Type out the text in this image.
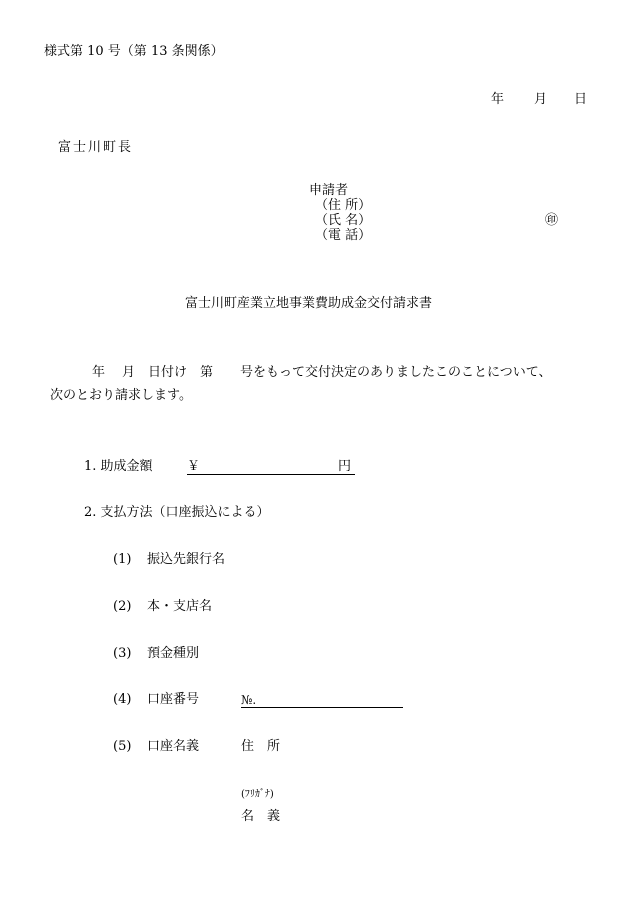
様式第 10 号（第 13 条関係）
年 月 日
富士川町長
申請者
（住 所）
（氏 名）	㊞
（電 話）
富士川町産業立地事業費助成金交付請求書
年 月 日付け 第 号をもって交付決定のありましたこのことについて、
次のとおり請求します。
1. 助成金額	￥	円
2. 支払方法（口座振込による）
(1) 振込先銀行名
(2) 本・支店名
(3) 預金種別
(4) 口座番号	№.
(5) 口座名義	住　所
(ﾌﾘｶﾞﾅ)
名　義
